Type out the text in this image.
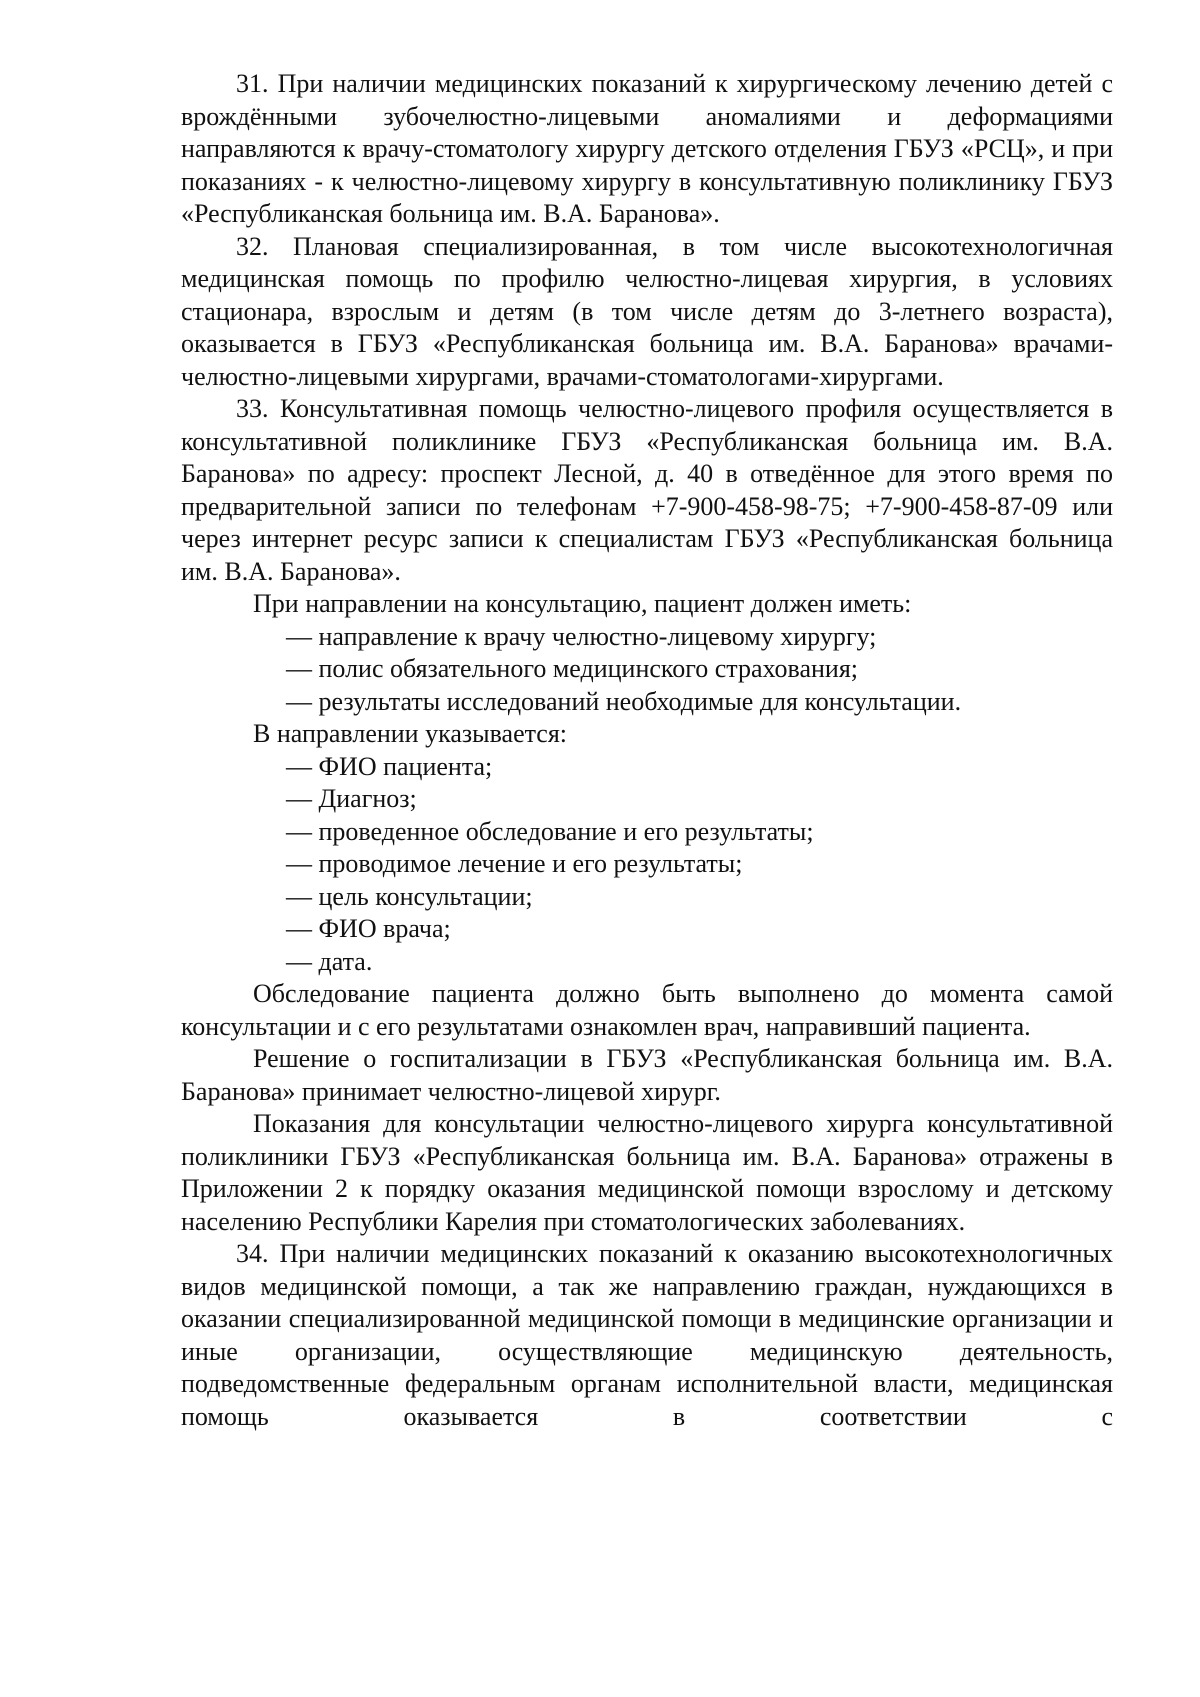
31. При наличии медицинских показаний к хирургическому лечению детей с врождёнными зубочелюстно-лицевыми аномалиями и деформациями направляются к врачу-стоматологу хирургу детского отделения ГБУЗ «РСЦ», и при показаниях - к челюстно-лицевому хирургу в консультативную поликлинику ГБУЗ «Республиканская больница им. В.А. Баранова».

32. Плановая специализированная, в том числе высокотехнологичная медицинская помощь по профилю челюстно-лицевая хирургия, в условиях стационара, взрослым и детям (в том числе детям до 3-летнего возраста), оказывается в ГБУЗ «Республиканская больница им. В.А. Баранова» врачами-челюстно-лицевыми хирургами, врачами-стоматологами-хирургами.

33. Консультативная помощь челюстно-лицевого профиля осуществляется в консультативной поликлинике ГБУЗ «Республиканская больница им. В.А. Баранова» по адресу: проспект Лесной, д. 40 в отведённое для этого время по предварительной записи по телефонам +7-900-458-98-75; +7-900-458-87-09 или через интернет ресурс записи к специалистам ГБУЗ «Республиканская больница им. В.А. Баранова».

При направлении на консультацию, пациент должен иметь:

— направление к врачу челюстно-лицевому хирургу;

— полис обязательного медицинского страхования;

— результаты исследований необходимые для консультации.

В направлении указывается:

— ФИО пациента;

— Диагноз;

— проведенное обследование и его результаты;

— проводимое лечение и его результаты;

— цель консультации;

— ФИО врача;

— дата.

Обследование пациента должно быть выполнено до момента самой консультации и с его результатами ознакомлен врач, направивший пациента.

Решение о госпитализации в ГБУЗ «Республиканская больница им. В.А. Баранова» принимает челюстно-лицевой хирург.

Показания для консультации челюстно-лицевого хирурга консультативной поликлиники ГБУЗ «Республиканская больница им. В.А. Баранова» отражены в Приложении 2 к порядку оказания медицинской помощи взрослому и детскому населению Республики Карелия при стоматологических заболеваниях.

34. При наличии медицинских показаний к оказанию высокотехнологичных видов медицинской помощи, а так же направлению граждан, нуждающихся в оказании специализированной медицинской помощи в медицинские организации и иные организации, осуществляющие медицинскую деятельность, подведомственные федеральным органам исполнительной власти, медицинская помощь оказывается в соответствии с
